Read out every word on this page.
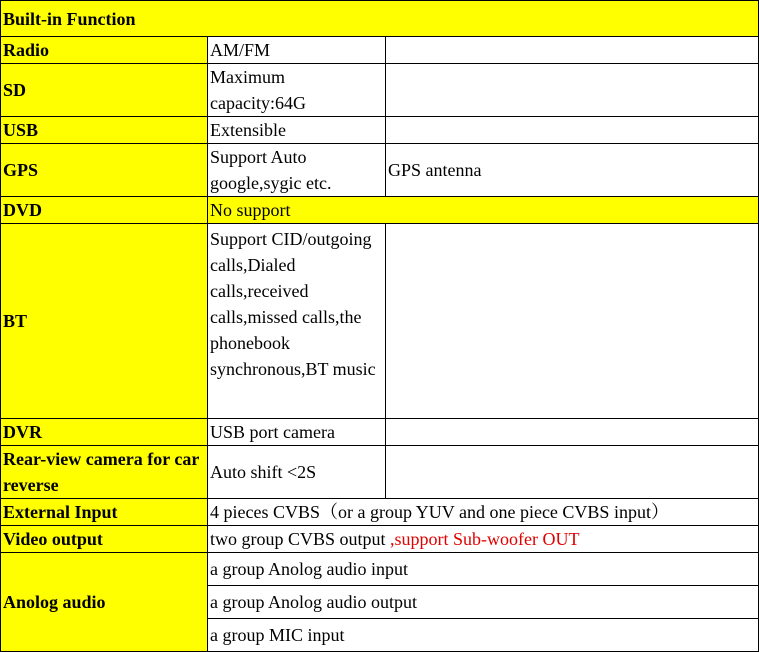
Built-in Function		
Radio	AM/FM	
SD	Maximum capacity:64G	
USB	Extensible	
GPS	Support Auto google,sygic etc.	GPS antenna
DVD	No support	
BT	Support CID/outgoing calls,Dialed calls,received calls,missed calls,the phonebook synchronous,BT music	

DVR	USB port camera	
Rear-view camera for car reverse	Auto shift <2S	
External Input	4 pieces CVBS（or a group YUV and one piece CVBS input）	
Video output	two group CVBS output ,support Sub-woofer OUT	
Anolog audio	a group Anolog audio input	
	a group Anolog audio output	
	a group MIC input	
